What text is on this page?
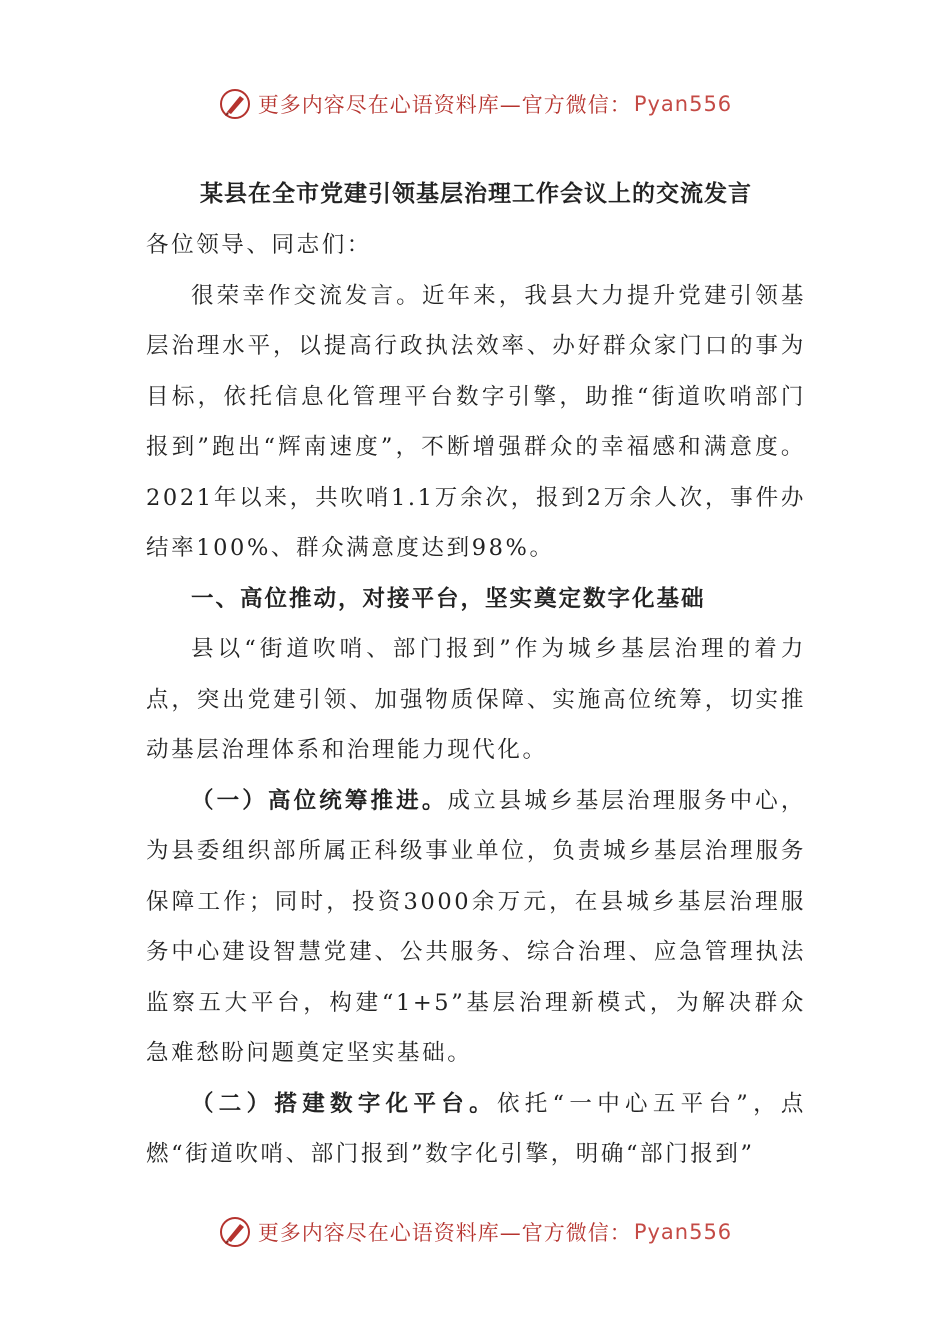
更多内容尽在心语资料库—官方微信： Pyan556
某县在全市党建引领基层治理工作会议上的交流发言

各位领导、同志们：

很荣幸作交流发言。近年来，我县大力提升党建引领基层治理水平，以提高行政执法效率、办好群众家门口的事为目标，依托信息化管理平台数字引擎，助推“街道吹哨部门报到”跑出“辉南速度”，不断增强群众的幸福感和满意度。2021年以来，共吹哨1.1万余次，报到2万余人次，事件办结率100%、群众满意度达到98%。

一、高位推动，对接平台，坚实奠定数字化基础

县以“街道吹哨、部门报到”作为城乡基层治理的着力点，突出党建引领、加强物质保障、实施高位统筹，切实推动基层治理体系和治理能力现代化。

（一）高位统筹推进。成立县城乡基层治理服务中心，为县委组织部所属正科级事业单位，负责城乡基层治理服务保障工作；同时，投资3000余万元，在县城乡基层治理服务中心建设智慧党建、公共服务、综合治理、应急管理执法监察五大平台，构建“1+5”基层治理新模式，为解决群众急难愁盼问题奠定坚实基础。

（二）搭建数字化平台。依托“一中心五平台”，点燃“街道吹哨、部门报到”数字化引擎，明确“部门报到”

更多内容尽在心语资料库—官方微信： Pyan556
